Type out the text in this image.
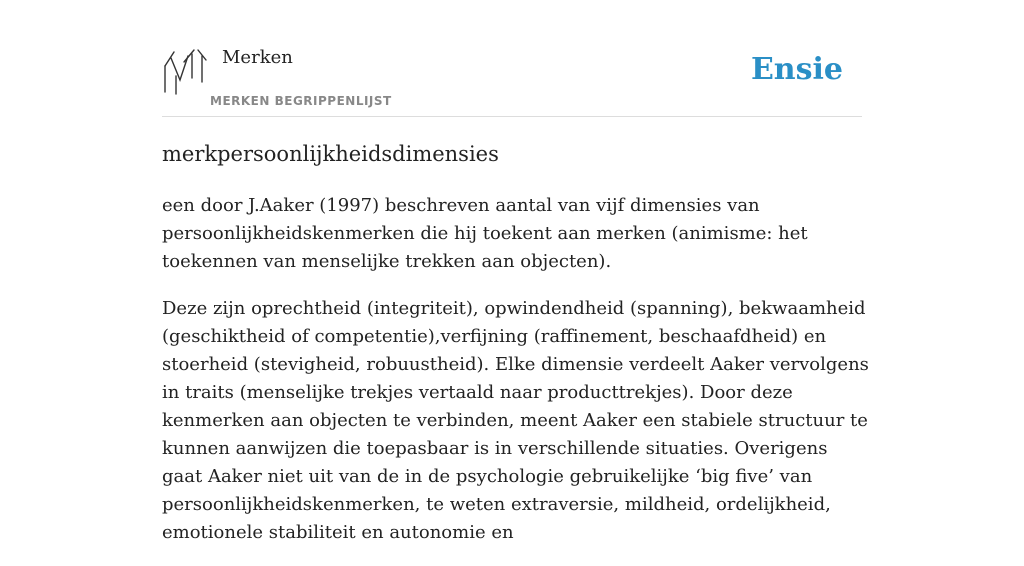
Merken
MERKEN BEGRIPPENLIJST
Ensie
merkpersoonlijkheidsdimensies

een door J.Aaker (1997) beschreven aantal van vijf dimensies van persoonlijkheidskenmerken die hij toekent aan merken (animisme: het toekennen van menselijke trekken aan objecten).

Deze zijn oprechtheid (integriteit), opwindendheid (spanning), bekwaamheid (geschiktheid of competentie),verfijning (raffinement, beschaafdheid) en stoerheid (stevigheid, robuustheid). Elke dimensie verdeelt Aaker vervolgens in traits (menselijke trekjes vertaald naar producttrekjes). Door deze kenmerken aan objecten te verbinden, meent Aaker een stabiele structuur te kunnen aanwijzen die toepasbaar is in verschillende situaties. Overigens gaat Aaker niet uit van de in de psychologie gebruikelijke ‘big five’ van persoonlijkheidskenmerken, te weten extraversie, mildheid, ordelijkheid, emotionele stabiliteit en autonomie en
